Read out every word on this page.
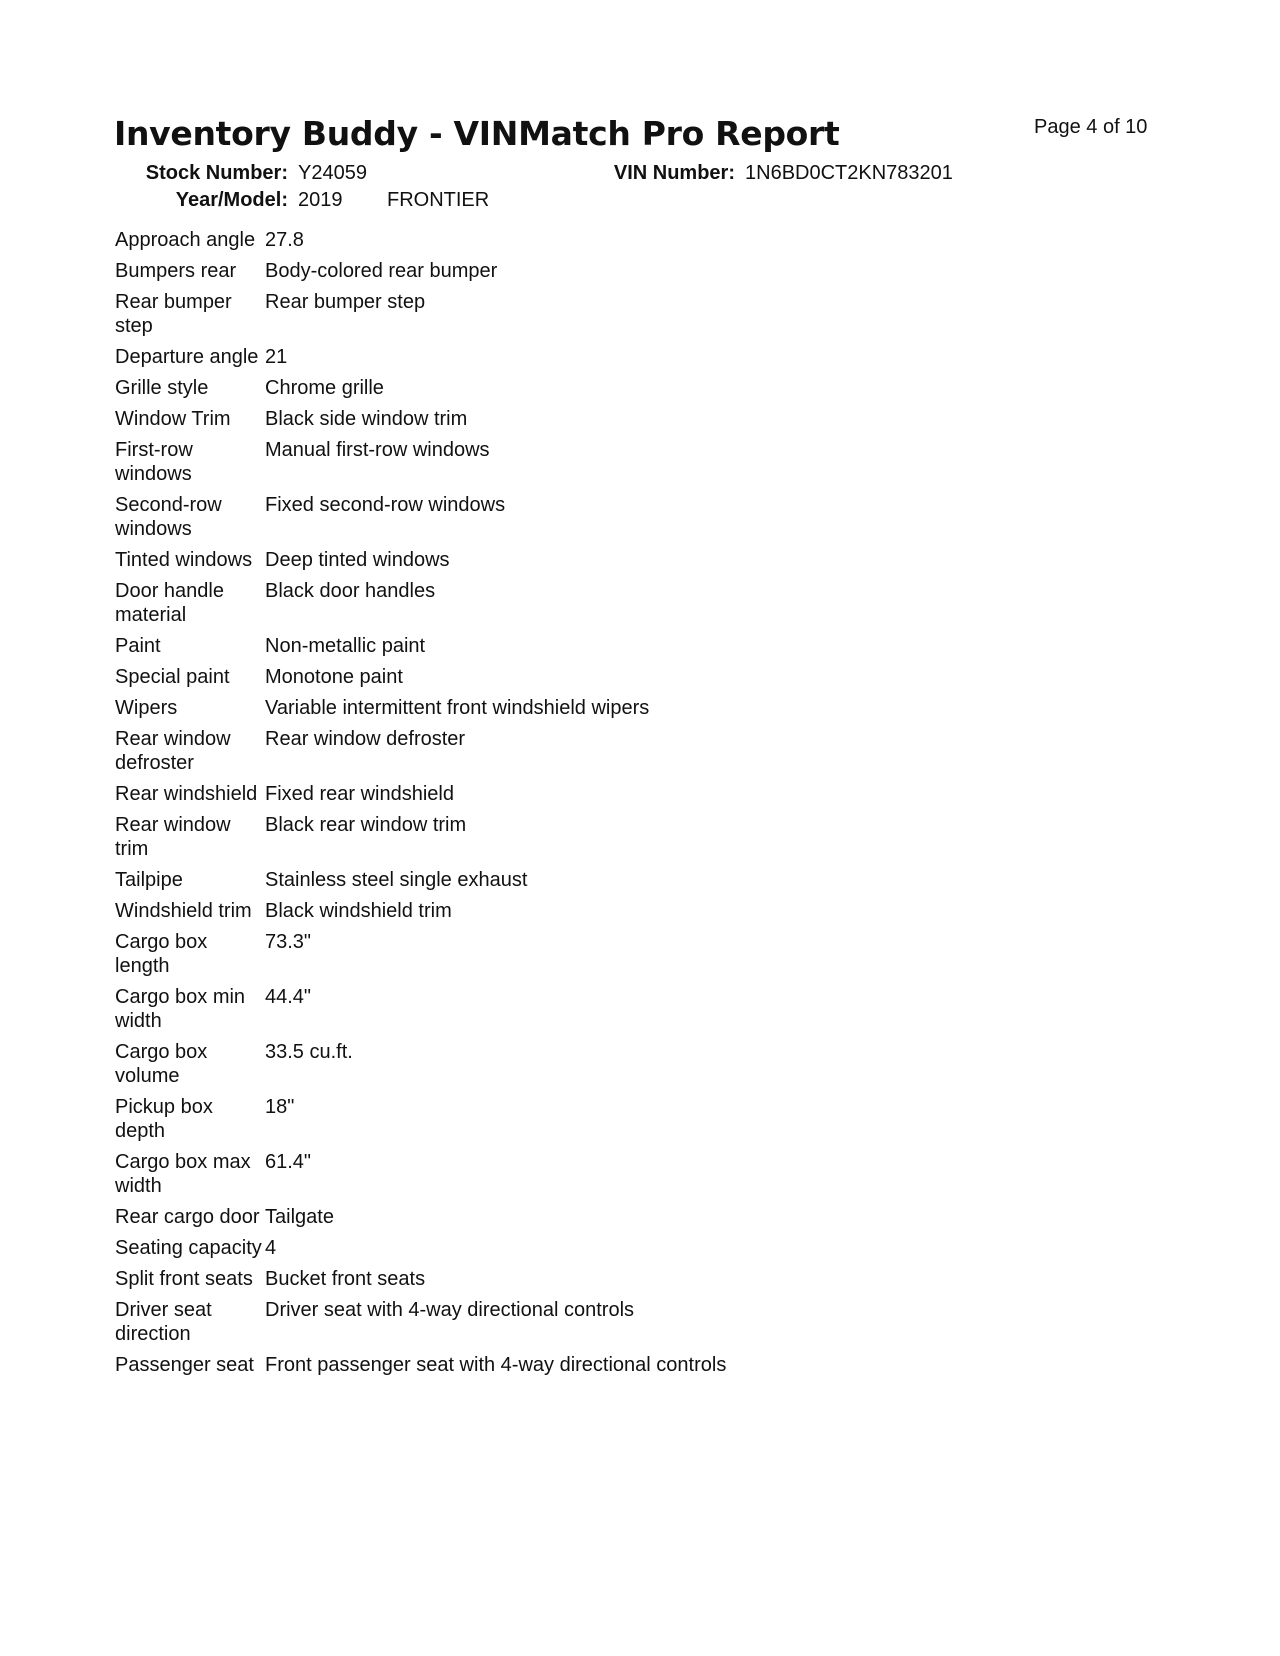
Inventory Buddy - VINMatch Pro Report	Page 4 of 10
Stock Number: Y24059	VIN Number: 1N6BD0CT2KN783201
Year/Model: 2019 FRONTIER
Approach angle	27.8
Bumpers rear	Body-colored rear bumper
Rear bumper step	Rear bumper step
Departure angle	21
Grille style	Chrome grille
Window Trim	Black side window trim
First-row windows	Manual first-row windows
Second-row windows	Fixed second-row windows
Tinted windows	Deep tinted windows
Door handle material	Black door handles
Paint	Non-metallic paint
Special paint	Monotone paint
Wipers	Variable intermittent front windshield wipers
Rear window defroster	Rear window defroster
Rear windshield	Fixed rear windshield
Rear window trim	Black rear window trim
Tailpipe	Stainless steel single exhaust
Windshield trim	Black windshield trim
Cargo box length	73.3"
Cargo box min width	44.4"
Cargo box volume	33.5 cu.ft.
Pickup box depth	18"
Cargo box max width	61.4"
Rear cargo door	Tailgate
Seating capacity	4
Split front seats	Bucket front seats
Driver seat direction	Driver seat with 4-way directional controls
Passenger seat	Front passenger seat with 4-way directional controls
